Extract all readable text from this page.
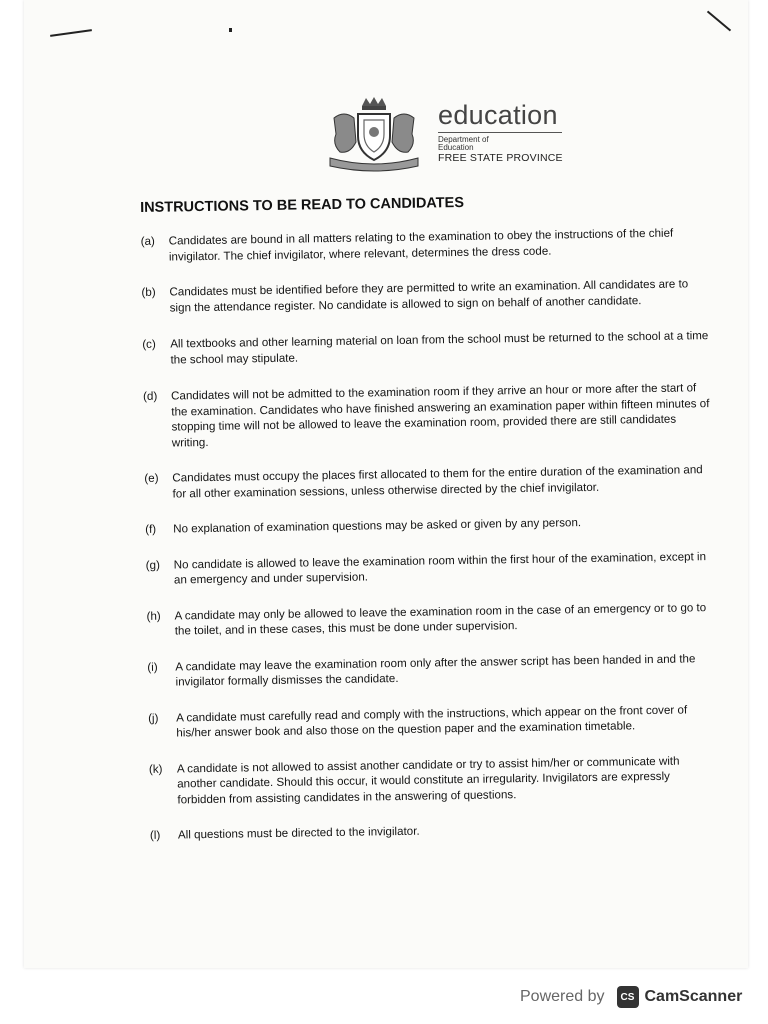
education
Department of
Education
FREE STATE PROVINCE
INSTRUCTIONS TO BE READ TO CANDIDATES
(a)	Candidates are bound in all matters relating to the examination to obey the instructions of the chief invigilator. The chief invigilator, where relevant, determines the dress code.
(b)	Candidates must be identified before they are permitted to write an examination. All candidates are to sign the attendance register. No candidate is allowed to sign on behalf of another candidate.
(c)	All textbooks and other learning material on loan from the school must be returned to the school at a time the school may stipulate.
(d)	Candidates will not be admitted to the examination room if they arrive an hour or more after the start of the examination. Candidates who have finished answering an examination paper within fifteen minutes of stopping time will not be allowed to leave the examination room, provided there are still candidates writing.
(e)	Candidates must occupy the places first allocated to them for the entire duration of the examination and for all other examination sessions, unless otherwise directed by the chief invigilator.
(f)	No explanation of examination questions may be asked or given by any person.
(g)	No candidate is allowed to leave the examination room within the first hour of the examination, except in an emergency and under supervision.
(h)	A candidate may only be allowed to leave the examination room in the case of an emergency or to go to the toilet, and in these cases, this must be done under supervision.
(i)	A candidate may leave the examination room only after the answer script has been handed in and the invigilator formally dismisses the candidate.
(j)	A candidate must carefully read and comply with the instructions, which appear on the front cover of his/her answer book and also those on the question paper and the examination timetable.
(k)	A candidate is not allowed to assist another candidate or try to assist him/her or communicate with another candidate. Should this occur, it would constitute an irregularity. Invigilators are expressly forbidden from assisting candidates in the answering of questions.
(l)	All questions must be directed to the invigilator.
Powered by	CS CamScanner
